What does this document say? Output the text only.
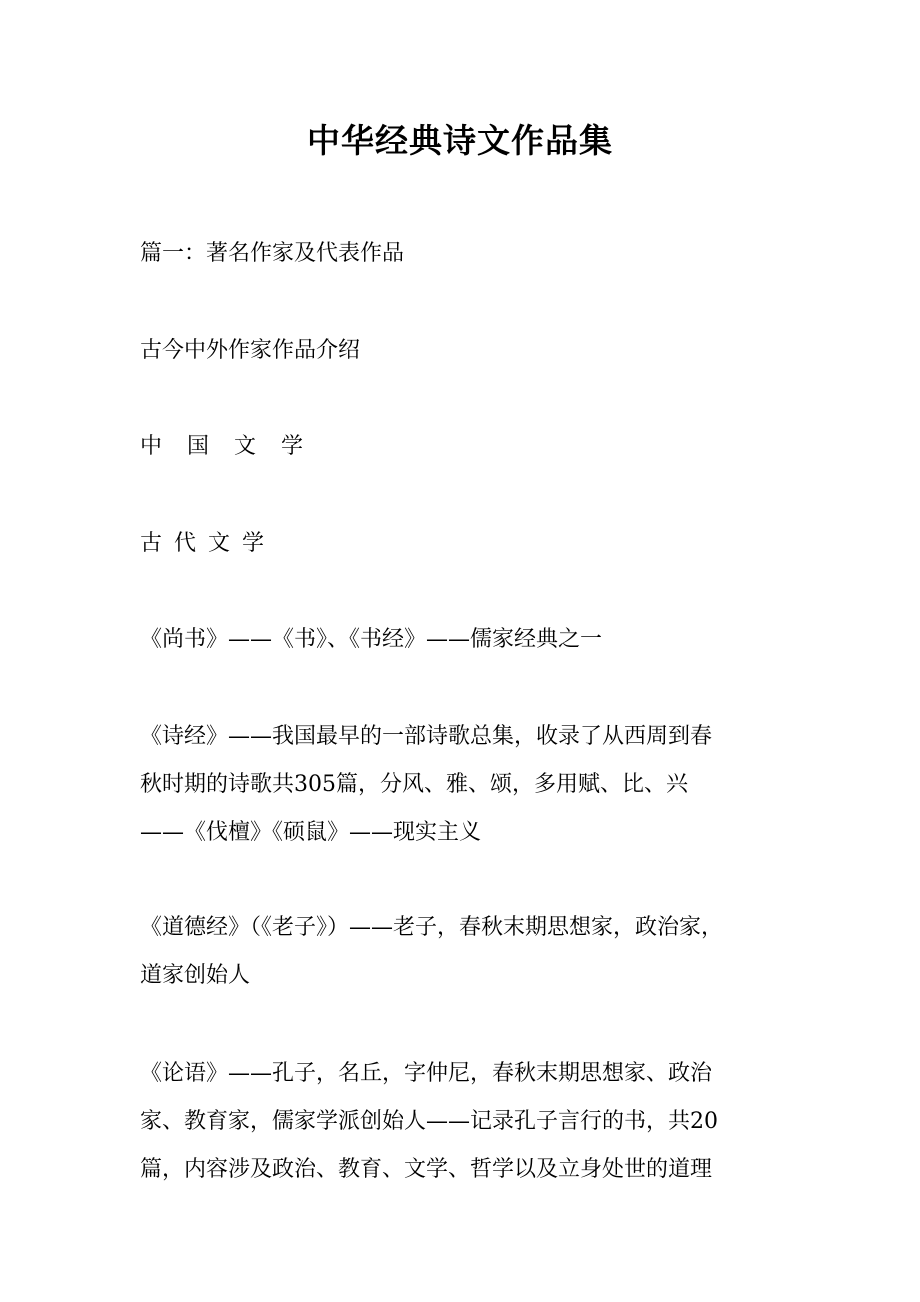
中华经典诗文作品集

篇一：著名作家及代表作品

古今中外作家作品介绍

中国文学

古代文学

《尚书》——《书》、《书经》——儒家经典之一

《诗经》——我国最早的一部诗歌总集，收录了从西周到春
秋时期的诗歌共305篇，分风、雅、颂，多用赋、比、兴
——《伐檀》《硕鼠》——现实主义

《道德经》（《老子》）——老子，春秋末期思想家，政治家，
道家创始人

《论语》——孔子，名丘，字仲尼，春秋末期思想家、政治
家、教育家，儒家学派创始人——记录孔子言行的书，共20
篇，内容涉及政治、教育、文学、哲学以及立身处世的道理
